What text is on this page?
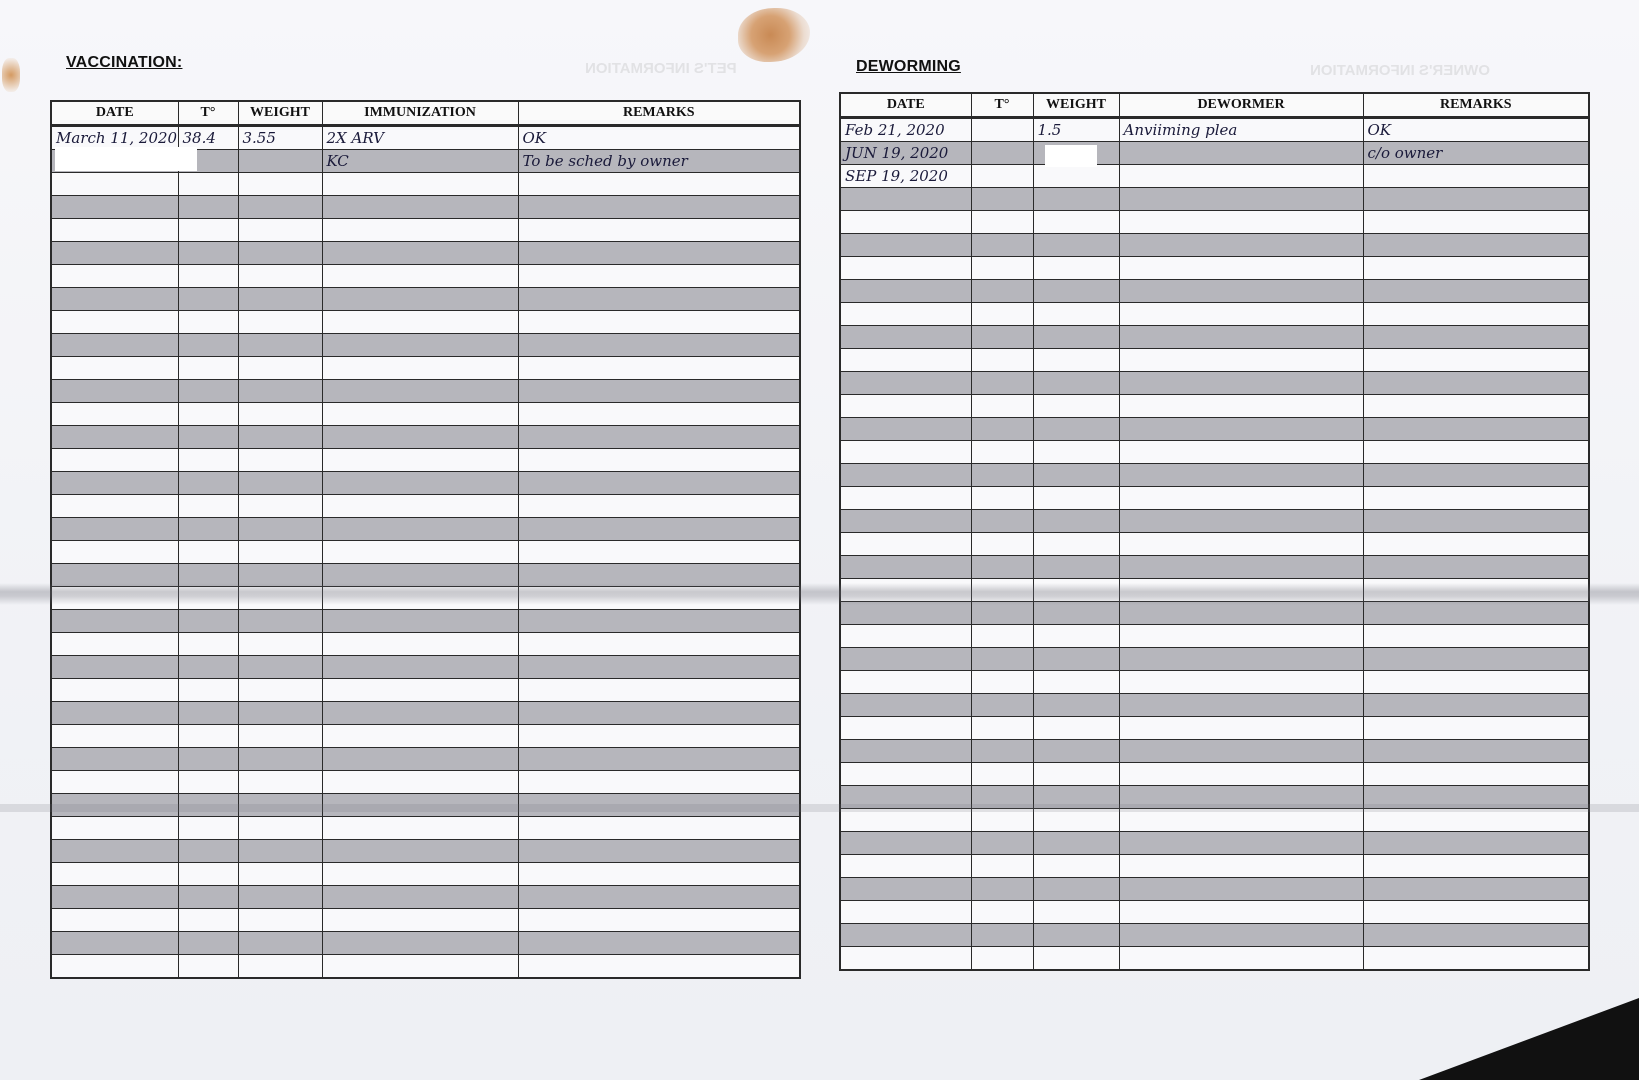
OWNER'S INFORMATION
PET'S INFORMATION
VACCINATION:	DEWORMING
DATE	T°	WEIGHT	IMMUNIZATION	REMARKS
March 11, 2020	38.4	3.55	2X ARV	OK
			KC	To be sched by owner

DATE	T°	WEIGHT	DEWORMER	REMARKS
Feb 21, 2020		1.5	Anviiming plea	OK
JUN 19, 2020				c/o owner
SEP 19, 2020				
